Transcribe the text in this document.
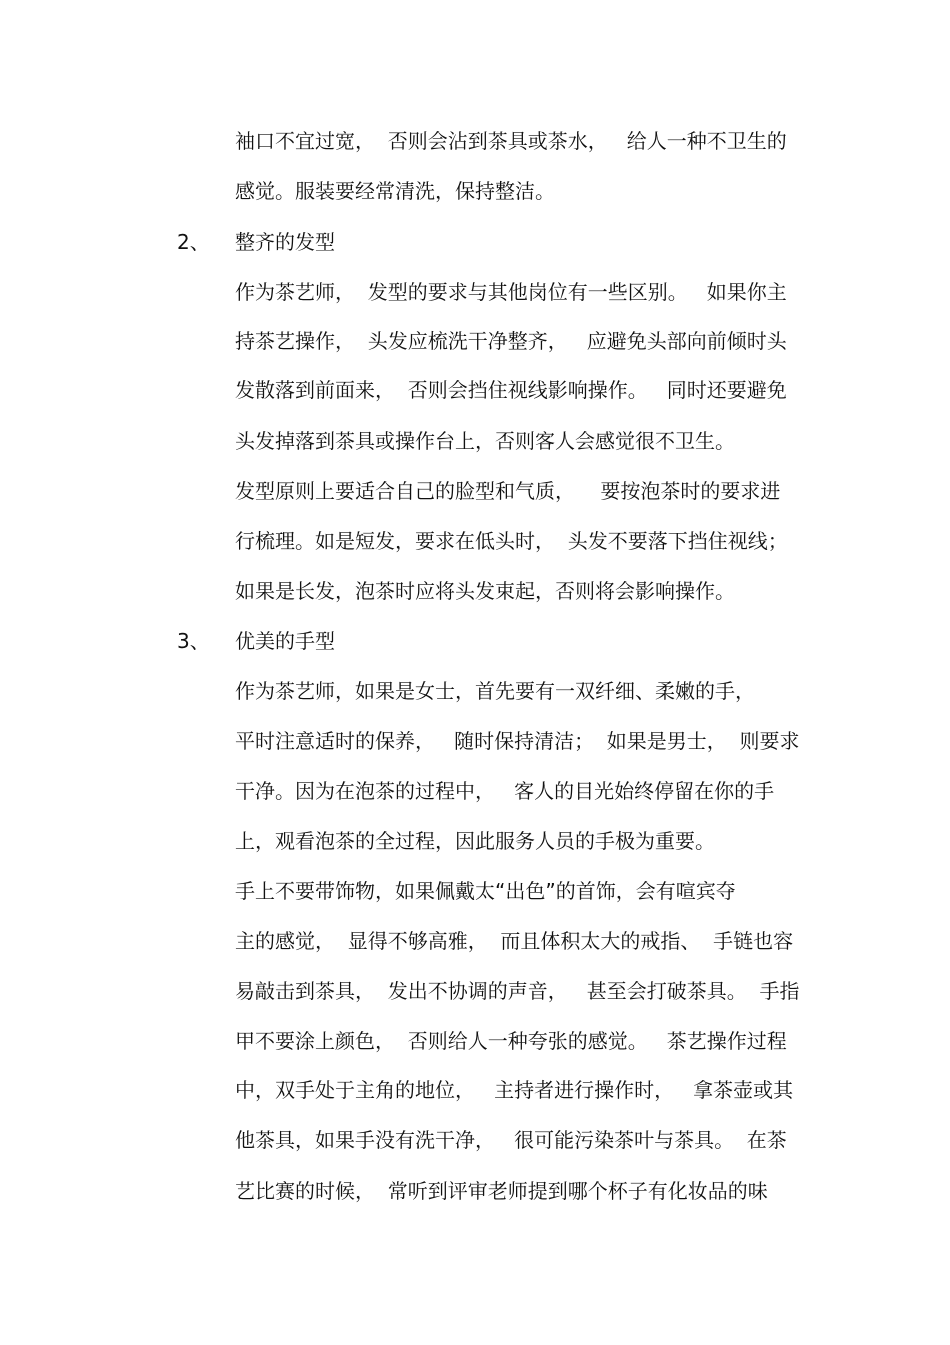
袖口不宜过宽，  否则会沾到茶具或茶水，   给人一种不卫生的

感觉。服装要经常清洗，保持整洁。

2、 整齐的发型

作为茶艺师，  发型的要求与其他岗位有一些区别。   如果你主

持茶艺操作，  头发应梳洗干净整齐，   应避免头部向前倾时头

发散落到前面来，  否则会挡住视线影响操作。   同时还要避免

头发掉落到茶具或操作台上，否则客人会感觉很不卫生。

发型原则上要适合自己的脸型和气质，    要按泡茶时的要求进

行梳理。如是短发，要求在低头时，  头发不要落下挡住视线；

如果是长发，泡茶时应将头发束起，否则将会影响操作。

3、 优美的手型

作为茶艺师，如果是女士，首先要有一双纤细、柔嫩的手，

平时注意适时的保养，   随时保持清洁；  如果是男士，  则要求

干净。因为在泡茶的过程中，   客人的目光始终停留在你的手

上，观看泡茶的全过程，因此服务人员的手极为重要。

手上不要带饰物，如果佩戴太“出色”的首饰，会有喧宾夺

主的感觉，  显得不够高雅，  而且体积太大的戒指、  手链也容

易敲击到茶具，  发出不协调的声音，   甚至会打破茶具。  手指

甲不要涂上颜色，  否则给人一种夸张的感觉。   茶艺操作过程

中，双手处于主角的地位，   主持者进行操作时，   拿茶壶或其

他茶具，如果手没有洗干净，   很可能污染茶叶与茶具。  在茶

艺比赛的时候，  常听到评审老师提到哪个杯子有化妆品的味
